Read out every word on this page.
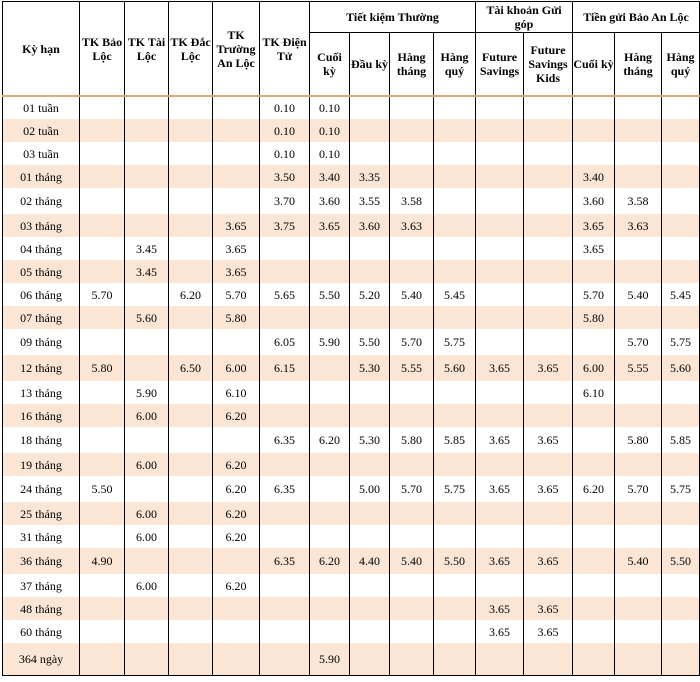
Kỳ hạn	TK Bảo Lộc	TK Tài Lộc	TK Đắc Lộc	TK Trường An Lộc	TK Điện Tử	Tiết kiệm Thường				Tài khoản Gửi góp		Tiền gửi Bảo An Lộc		
						Cuối kỳ	Đầu kỳ	Hàng tháng	Hàng quý	Future Savings	Future Savings Kids	Cuối kỳ	Hàng tháng	Hàng quý
01 tuần					0.10	0.10								
02 tuần					0.10	0.10								
03 tuần					0.10	0.10								
01 tháng					3.50	3.40	3.35					3.40		
02 tháng					3.70	3.60	3.55	3.58				3.60	3.58	
03 tháng				3.65	3.75	3.65	3.60	3.63				3.65	3.63	
04 tháng		3.45		3.65								3.65		
05 tháng		3.45		3.65										
06 tháng	5.70		6.20	5.70	5.65	5.50	5.20	5.40	5.45			5.70	5.40	5.45
07 tháng		5.60		5.80								5.80		
09 tháng					6.05	5.90	5.50	5.70	5.75				5.70	5.75
12 tháng	5.80		6.50	6.00	6.15		5.30	5.55	5.60	3.65	3.65	6.00	5.55	5.60
13 tháng		5.90		6.10								6.10		
16 tháng		6.00		6.20										
18 tháng					6.35	6.20	5.30	5.80	5.85	3.65	3.65		5.80	5.85
19 tháng		6.00		6.20										
24 tháng	5.50			6.20	6.35		5.00	5.70	5.75	3.65	3.65	6.20	5.70	5.75
25 tháng		6.00		6.20										
31 tháng		6.00		6.20										
36 tháng	4.90				6.35	6.20	4.40	5.40	5.50	3.65	3.65		5.40	5.50
37 tháng		6.00		6.20										
48 tháng										3.65	3.65			
60 tháng										3.65	3.65			
364 ngày						5.90								
